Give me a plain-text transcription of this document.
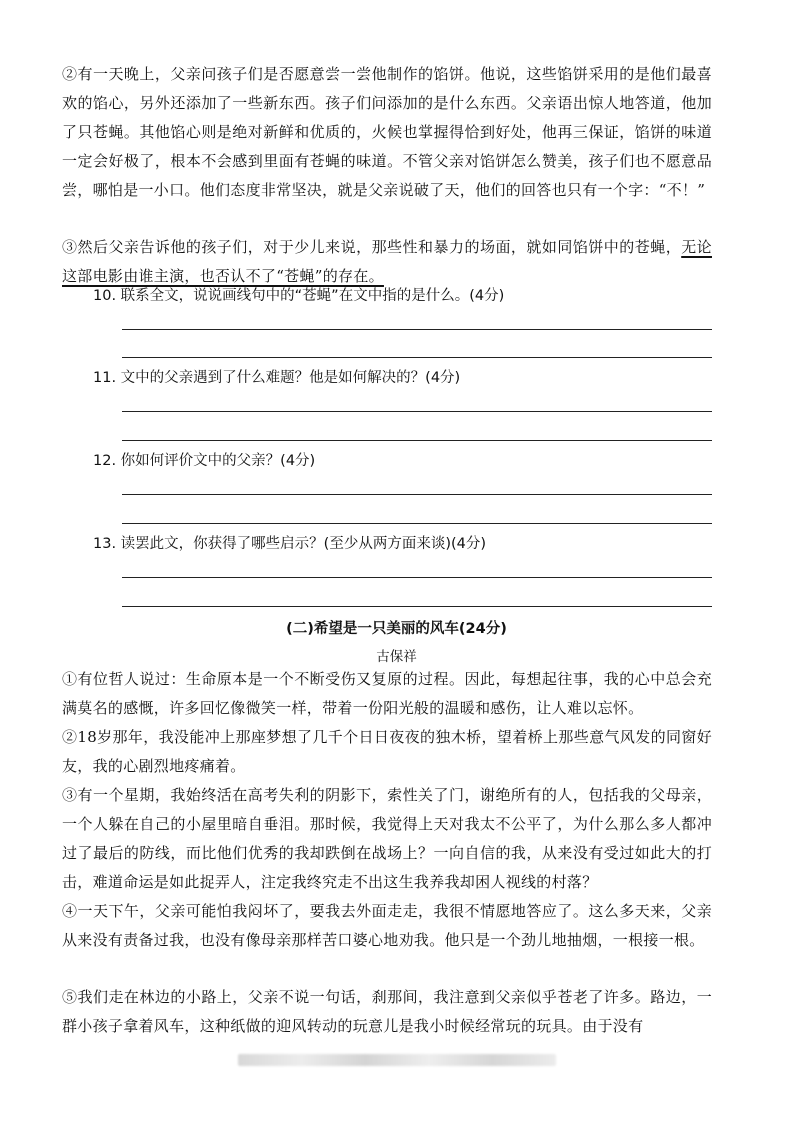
②有一天晚上，父亲问孩子们是否愿意尝一尝他制作的馅饼。他说，这些馅饼采用的是他们最喜欢的馅心，另外还添加了一些新东西。孩子们问添加的是什么东西。父亲语出惊人地答道，他加了只苍蝇。其他馅心则是绝对新鲜和优质的，火候也掌握得恰到好处，他再三保证，馅饼的味道一定会好极了，根本不会感到里面有苍蝇的味道。不管父亲对馅饼怎么赞美，孩子们也不愿意品尝，哪怕是一小口。他们态度非常坚决，就是父亲说破了天，他们的回答也只有一个字：“不！”

③然后父亲告诉他的孩子们，对于少儿来说，那些性和暴力的场面，就如同馅饼中的苍蝇，无论这部电影由谁主演，也否认不了“苍蝇”的存在。

10. 联系全文，说说画线句中的“苍蝇”在文中指的是什么。(4分)

11. 文中的父亲遇到了什么难题？他是如何解决的？(4分)

12. 你如何评价文中的父亲？(4分)

13. 读罢此文，你获得了哪些启示？(至少从两方面来谈)(4分)

(二)希望是一只美丽的风车(24分)

古保祥

①有位哲人说过：生命原本是一个不断受伤又复原的过程。因此，每想起往事，我的心中总会充满莫名的感慨，许多回忆像微笑一样，带着一份阳光般的温暖和感伤，让人难以忘怀。

②18岁那年，我没能冲上那座梦想了几千个日日夜夜的独木桥，望着桥上那些意气风发的同窗好友，我的心剧烈地疼痛着。

③有一个星期，我始终活在高考失利的阴影下，索性关了门，谢绝所有的人，包括我的父母亲，一个人躲在自己的小屋里暗自垂泪。那时候，我觉得上天对我太不公平了，为什么那么多人都冲过了最后的防线，而比他们优秀的我却跌倒在战场上？一向自信的我，从来没有受过如此大的打击，难道命运是如此捉弄人，注定我终究走不出这生我养我却困人视线的村落？

④一天下午，父亲可能怕我闷坏了，要我去外面走走，我很不情愿地答应了。这么多天来，父亲从来没有责备过我，也没有像母亲那样苦口婆心地劝我。他只是一个劲儿地抽烟，一根接一根。

⑤我们走在林边的小路上，父亲不说一句话，刹那间，我注意到父亲似乎苍老了许多。路边，一群小孩子拿着风车，这种纸做的迎风转动的玩意儿是我小时候经常玩的玩具。由于没有
